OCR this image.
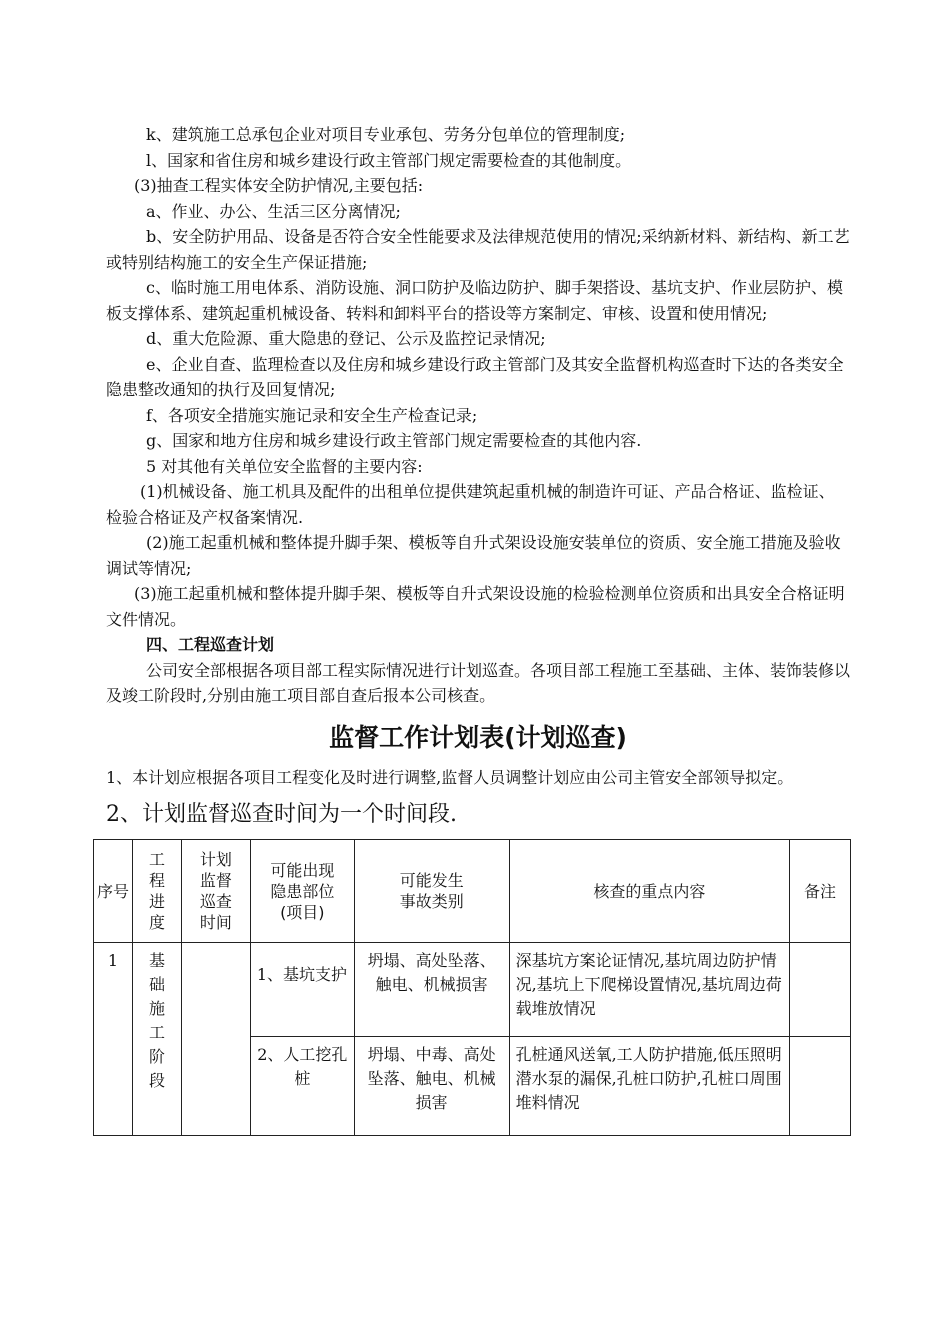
k、建筑施工总承包企业对项目专业承包、劳务分包单位的管理制度;

l、国家和省住房和城乡建设行政主管部门规定需要检查的其他制度。

(3)抽查工程实体安全防护情况,主要包括:

a、作业、办公、生活三区分离情况;

b、安全防护用品、设备是否符合安全性能要求及法律规范使用的情况;采纳新材料、新结构、新工艺或特别结构施工的安全生产保证措施;

c、临时施工用电体系、消防设施、洞口防护及临边防护、脚手架搭设、基坑支护、作业层防护、模板支撑体系、建筑起重机械设备、转料和卸料平台的搭设等方案制定、审核、设置和使用情况;

d、重大危险源、重大隐患的登记、公示及监控记录情况;

e、企业自查、监理检查以及住房和城乡建设行政主管部门及其安全监督机构巡查时下达的各类安全隐患整改通知的执行及回复情况;

f、各项安全措施实施记录和安全生产检查记录;

g、国家和地方住房和城乡建设行政主管部门规定需要检查的其他内容.

5 对其他有关单位安全监督的主要内容:

(1)机械设备、施工机具及配件的出租单位提供建筑起重机械的制造许可证、产品合格证、监检证、检验合格证及产权备案情况.

(2)施工起重机械和整体提升脚手架、模板等自升式架设设施安装单位的资质、安全施工措施及验收调试等情况;

(3)施工起重机械和整体提升脚手架、模板等自升式架设设施的检验检测单位资质和出具安全合格证明文件情况。

四、工程巡查计划

公司安全部根据各项目部工程实际情况进行计划巡查。各项目部工程施工至基础、主体、装饰装修以及竣工阶段时,分别由施工项目部自查后报本公司核查。

监督工作计划表(计划巡查)

1、本计划应根据各项目工程变化及时进行调整,监督人员调整计划应由公司主管安全部领导拟定。

2、计划监督巡查时间为一个时间段.
序号	工程进度	计划监督巡查时间	可能出现隐患部位(项目)	可能发生事故类别	核查的重点内容	备注
1	基础施工阶段		1、基坑支护	坍塌、高处坠落、触电、机械损害	深基坑方案论证情况,基坑周边防护情况,基坑上下爬梯设置情况,基坑周边荷载堆放情况	
			2、人工挖孔桩	坍塌、中毒、高处坠落、触电、机械损害	孔桩通风送氧,工人防护措施,低压照明潜水泵的漏保,孔桩口防护,孔桩口周围堆料情况	
